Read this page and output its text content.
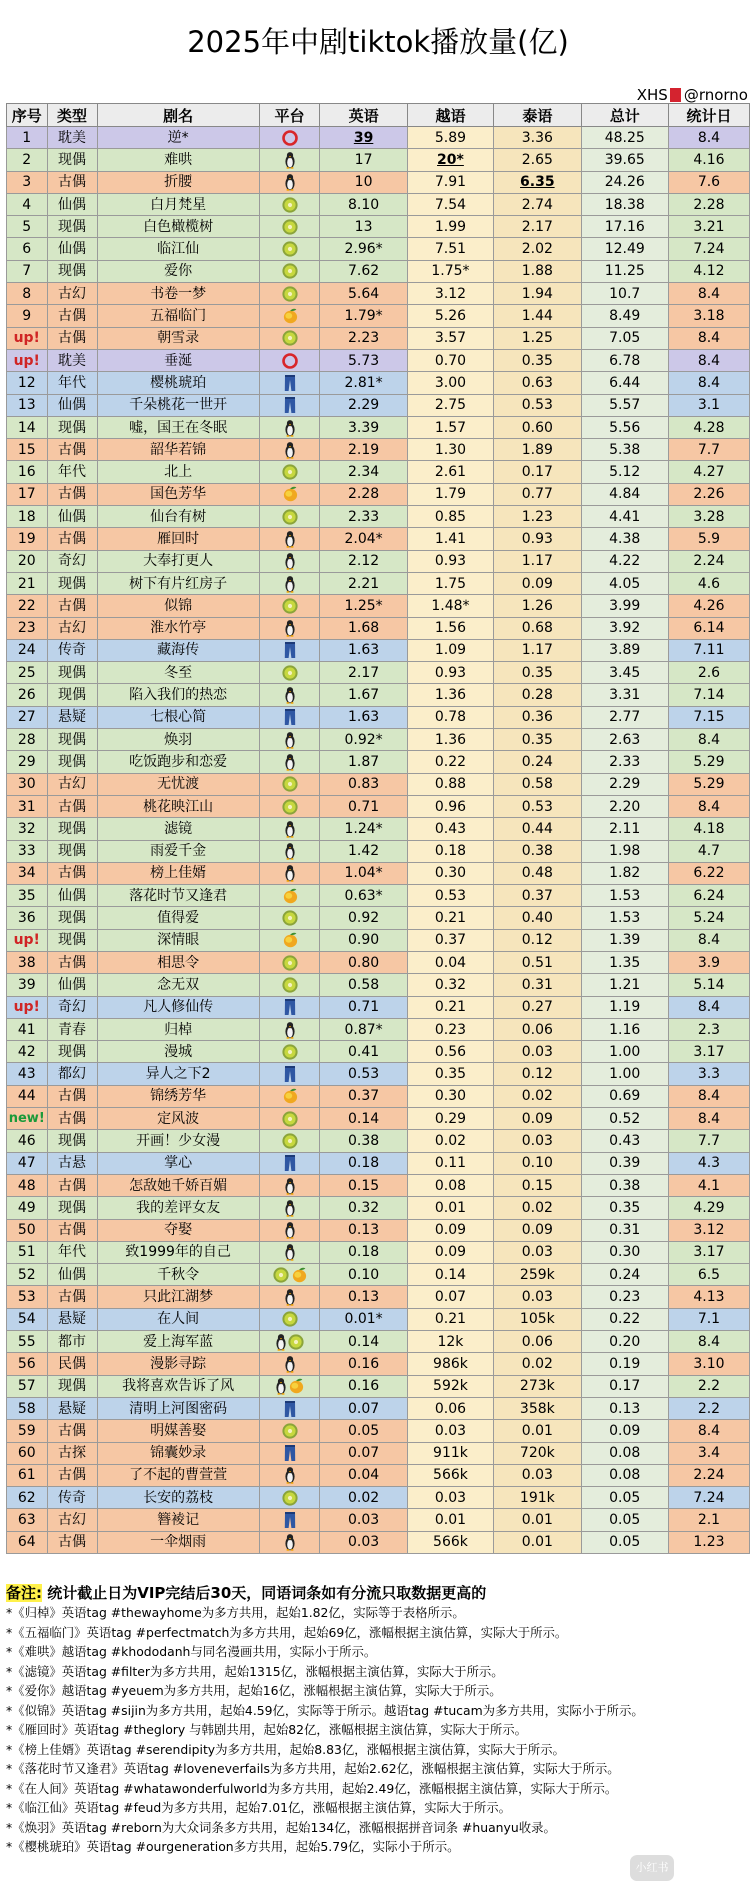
2025年中剧tiktok播放量(亿)
XHS @rnorno
序号	类型	剧名	平台	英语	越语	泰语	总计	统计日
1	耽美	逆*		39	5.89	3.36	48.25	8.4
2	现偶	难哄		17	20*	2.65	39.65	4.16
3	古偶	折腰		10	7.91	6.35	24.26	7.6
4	仙偶	白月梵星		8.10	7.54	2.74	18.38	2.28
5	现偶	白色橄榄树		13	1.99	2.17	17.16	3.21
6	仙偶	临江仙		2.96*	7.51	2.02	12.49	7.24
7	现偶	爱你		7.62	1.75*	1.88	11.25	4.12
8	古幻	书卷一梦		5.64	3.12	1.94	10.7	8.4
9	古偶	五福临门		1.79*	5.26	1.44	8.49	3.18
up!	古偶	朝雪录		2.23	3.57	1.25	7.05	8.4
up!	耽美	垂涎		5.73	0.70	0.35	6.78	8.4
12	年代	樱桃琥珀		2.81*	3.00	0.63	6.44	8.4
13	仙偶	千朵桃花一世开		2.29	2.75	0.53	5.57	3.1
14	现偶	嘘，国王在冬眠		3.39	1.57	0.60	5.56	4.28
15	古偶	韶华若锦		2.19	1.30	1.89	5.38	7.7
16	年代	北上		2.34	2.61	0.17	5.12	4.27
17	古偶	国色芳华		2.28	1.79	0.77	4.84	2.26
18	仙偶	仙台有树		2.33	0.85	1.23	4.41	3.28
19	古偶	雁回时		2.04*	1.41	0.93	4.38	5.9
20	奇幻	大奉打更人		2.12	0.93	1.17	4.22	2.24
21	现偶	树下有片红房子		2.21	1.75	0.09	4.05	4.6
22	古偶	似锦		1.25*	1.48*	1.26	3.99	4.26
23	古幻	淮水竹亭		1.68	1.56	0.68	3.92	6.14
24	传奇	藏海传		1.63	1.09	1.17	3.89	7.11
25	现偶	冬至		2.17	0.93	0.35	3.45	2.6
26	现偶	陷入我们的热恋		1.67	1.36	0.28	3.31	7.14
27	悬疑	七根心简		1.63	0.78	0.36	2.77	7.15
28	现偶	焕羽		0.92*	1.36	0.35	2.63	8.4
29	现偶	吃饭跑步和恋爱		1.87	0.22	0.24	2.33	5.29
30	古幻	无忧渡		0.83	0.88	0.58	2.29	5.29
31	古偶	桃花映江山		0.71	0.96	0.53	2.20	8.4
32	现偶	滤镜		1.24*	0.43	0.44	2.11	4.18
33	现偶	雨爱千金		1.42	0.18	0.38	1.98	4.7
34	古偶	榜上佳婿		1.04*	0.30	0.48	1.82	6.22
35	仙偶	落花时节又逢君		0.63*	0.53	0.37	1.53	6.24
36	现偶	值得爱		0.92	0.21	0.40	1.53	5.24
up!	现偶	深情眼		0.90	0.37	0.12	1.39	8.4
38	古偶	相思令		0.80	0.04	0.51	1.35	3.9
39	仙偶	念无双		0.58	0.32	0.31	1.21	5.14
up!	奇幻	凡人修仙传		0.71	0.21	0.27	1.19	8.4
41	青春	归棹		0.87*	0.23	0.06	1.16	2.3
42	现偶	漫城		0.41	0.56	0.03	1.00	3.17
43	都幻	异人之下2		0.53	0.35	0.12	1.00	3.3
44	古偶	锦绣芳华		0.37	0.30	0.02	0.69	8.4
new!	古偶	定风波		0.14	0.29	0.09	0.52	8.4
46	现偶	开画！少女漫		0.38	0.02	0.03	0.43	7.7
47	古悬	掌心		0.18	0.11	0.10	0.39	4.3
48	古偶	怎敌她千娇百媚		0.15	0.08	0.15	0.38	4.1
49	现偶	我的差评女友		0.32	0.01	0.02	0.35	4.29
50	古偶	夺娶		0.13	0.09	0.09	0.31	3.12
51	年代	致1999年的自己		0.18	0.09	0.03	0.30	3.17
52	仙偶	千秋令		0.10	0.14	259k	0.24	6.5
53	古偶	只此江湖梦		0.13	0.07	0.03	0.23	4.13
54	悬疑	在人间		0.01*	0.21	105k	0.22	7.1
55	都市	爱上海军蓝		0.14	12k	0.06	0.20	8.4
56	民偶	漫影寻踪		0.16	986k	0.02	0.19	3.10
57	现偶	我将喜欢告诉了风		0.16	592k	273k	0.17	2.2
58	悬疑	清明上河图密码		0.07	0.06	358k	0.13	2.2
59	古偶	明媒善娶		0.05	0.03	0.01	0.09	8.4
60	古探	锦囊妙录		0.07	911k	720k	0.08	3.4
61	古偶	了不起的曹萱萱		0.04	566k	0.03	0.08	2.24
62	传奇	长安的荔枝		0.02	0.03	191k	0.05	7.24
63	古幻	簪裬记		0.03	0.01	0.01	0.05	2.1
64	古偶	一伞烟雨		0.03	566k	0.01	0.05	1.23
备注: 统计截止日为VIP完结后30天，同语词条如有分流只取数据更高的
*《归棹》英语tag #thewayhome为多方共用，起始1.82亿，实际等于表格所示。
*《五福临门》英语tag #perfectmatch为多方共用，起始69亿，涨幅根据主演估算，实际大于所示。
*《难哄》越语tag #khododanh与同名漫画共用，实际小于所示。
*《滤镜》英语tag #filter为多方共用，起始1315亿，涨幅根据主演估算，实际大于所示。
*《爱你》越语tag #yeuem为多方共用，起始16亿，涨幅根据主演估算，实际大于所示。
*《似锦》英语tag #sijin为多方共用，起始4.59亿，实际等于所示。越语tag #tucam为多方共用，实际小于所示。
*《雁回时》英语tag #theglory 与韩剧共用，起始82亿，涨幅根据主演估算，实际大于所示。
*《榜上佳婿》英语tag #serendipity为多方共用，起始8.83亿，涨幅根据主演估算，实际大于所示。
*《落花时节又逢君》英语tag #loveneverfails为多方共用，起始2.62亿，涨幅根据主演估算，实际大于所示。
*《在人间》英语tag #whatawonderfulworld为多方共用，起始2.49亿，涨幅根据主演估算，实际大于所示。
*《临江仙》英语tag #feud为多方共用，起始7.01亿，涨幅根据主演估算，实际大于所示。
*《焕羽》英语tag #reborn为大众词条多方共用，起始134亿，涨幅根据拼音词条 #huanyu收录。
*《樱桃琥珀》英语tag #ourgeneration多方共用，起始5.79亿，实际小于所示。
小红书
